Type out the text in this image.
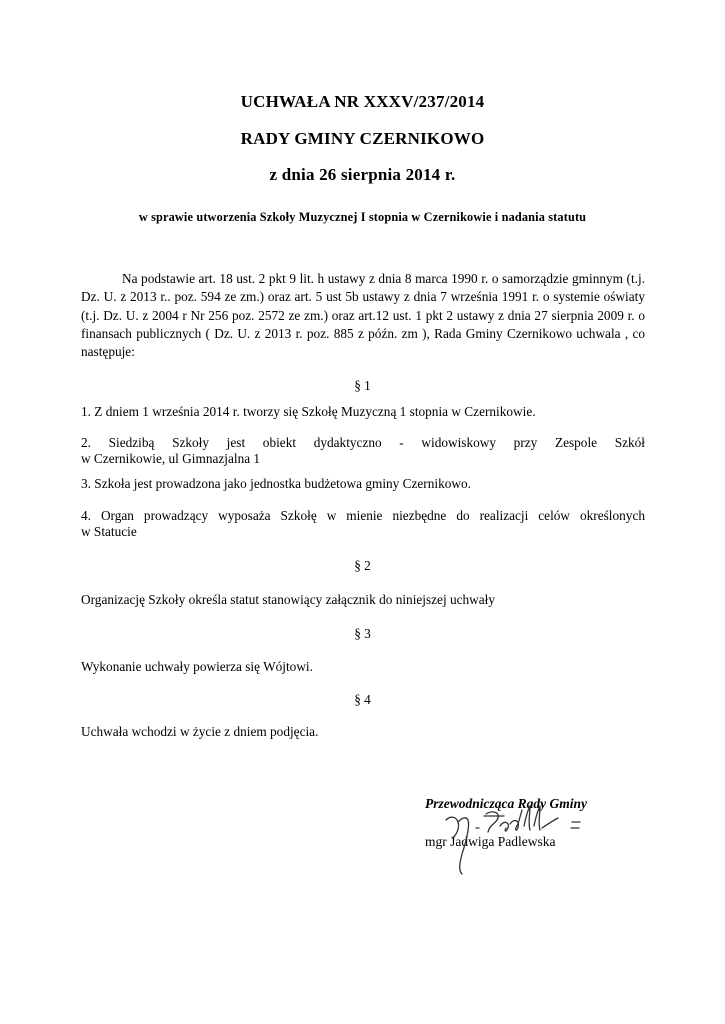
UCHWAŁA NR XXXV/237/2014
RADY GMINY CZERNIKOWO
z dnia 26 sierpnia 2014 r.
w sprawie utworzenia Szkoły Muzycznej I stopnia w Czernikowie i nadania statutu
Na podstawie art. 18 ust. 2 pkt 9 lit. h ustawy z dnia 8 marca 1990 r. o samorządzie gminnym (t.j. Dz. U. z 2013 r.. poz. 594 ze zm.) oraz art. 5 ust 5b ustawy z dnia 7 września 1991 r. o systemie oświaty (t.j. Dz. U. z 2004 r Nr 256 poz. 2572 ze zm.) oraz art.12 ust. 1 pkt 2 ustawy z dnia 27 sierpnia 2009 r. o finansach publicznych ( Dz. U. z 2013 r. poz. 885 z późn. zm ), Rada Gminy Czernikowo uchwala , co następuje:
§ 1
1. Z dniem 1 września 2014 r. tworzy się Szkołę Muzyczną 1 stopnia w Czernikowie.
2. Siedzibą Szkoły jest obiekt dydaktyczno - widowiskowy przy Zespole Szkół
w Czernikowie, ul Gimnazjalna 1
3. Szkoła jest prowadzona jako jednostka budżetowa gminy Czernikowo.
4. Organ prowadzący wyposaża Szkołę w mienie niezbędne do realizacji celów określonych
w Statucie
§ 2
Organizację Szkoły określa statut stanowiący załącznik do niniejszej uchwały
§ 3
Wykonanie uchwały powierza się Wójtowi.
§ 4
Uchwała wchodzi w życie z dniem podjęcia.
Przewodnicząca Rady Gminy
mgr Jadwiga Padlewska
